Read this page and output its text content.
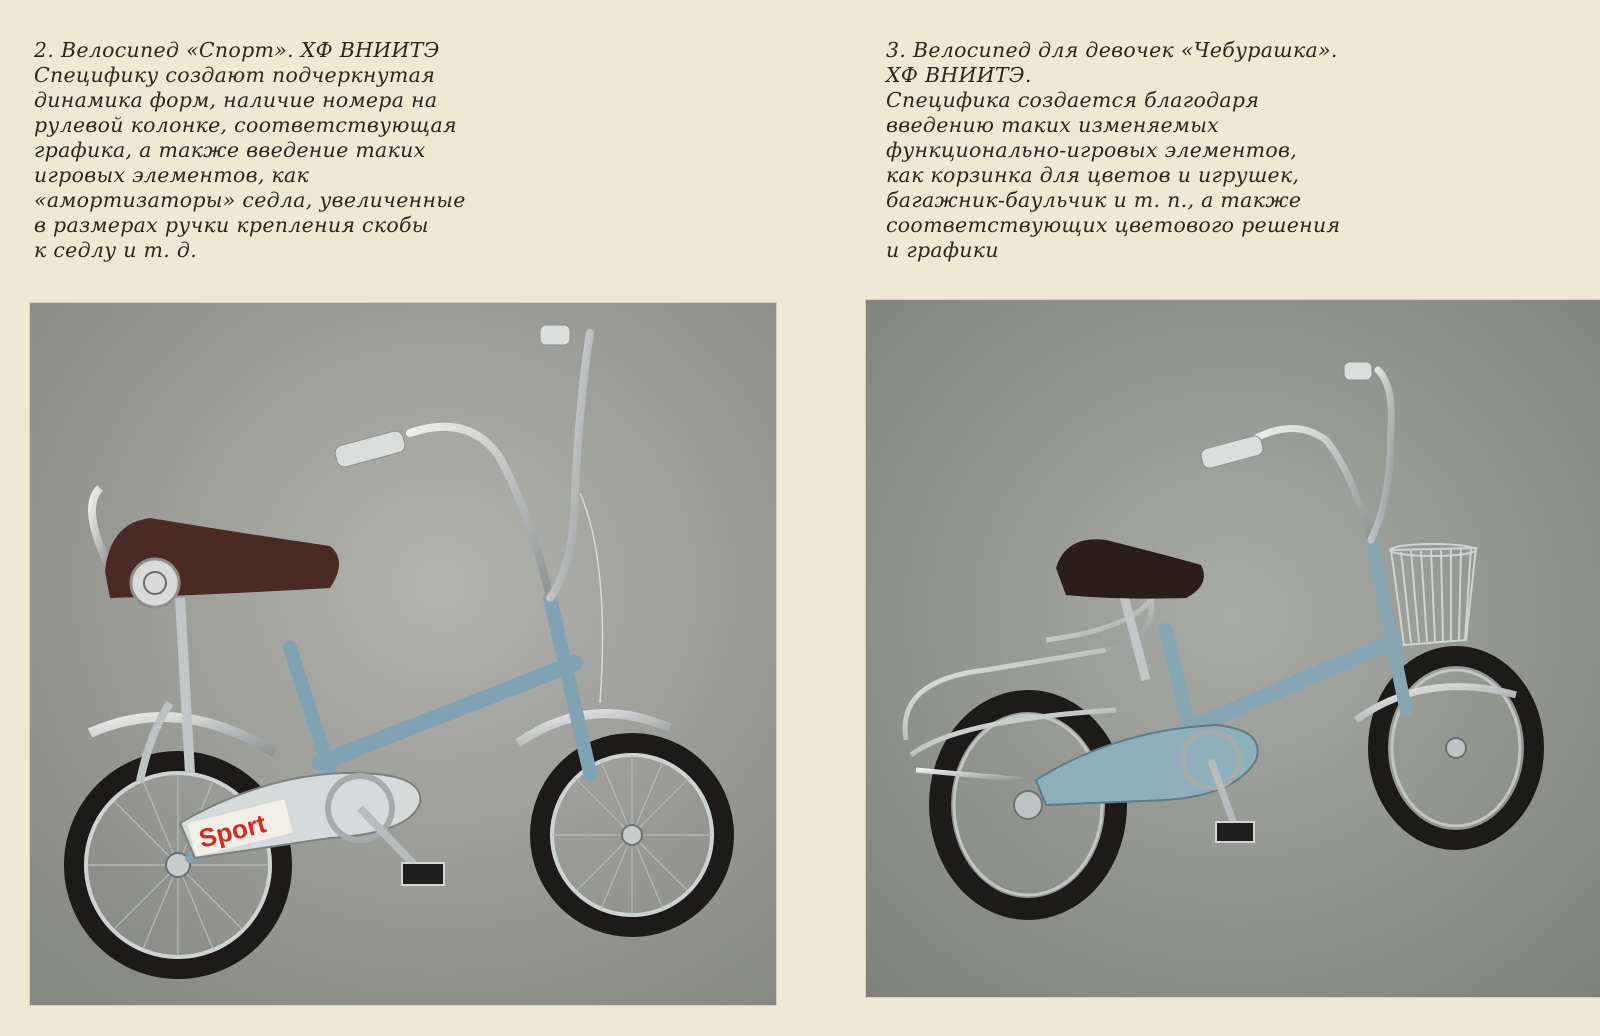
2. Велосипед «Спорт». ХФ ВНИИТЭ

Специфику создают подчеркнутая

динамика форм, наличие номера на

рулевой колонке, соответствующая

графика, а также введение таких

игровых элементов, как

«амортизаторы» седла, увеличенные

в размерах ручки крепления скобы

к седлу и т. д.

3. Велосипед для девочек «Чебурашка».

ХФ ВНИИТЭ.

Специфика создается благодаря

введению таких изменяемых

функционально-игровых элементов,

как корзинка для цветов и игрушек,

багажник-баульчик и т. п., а также

соответствующих цветового решения

и графики

Sport
